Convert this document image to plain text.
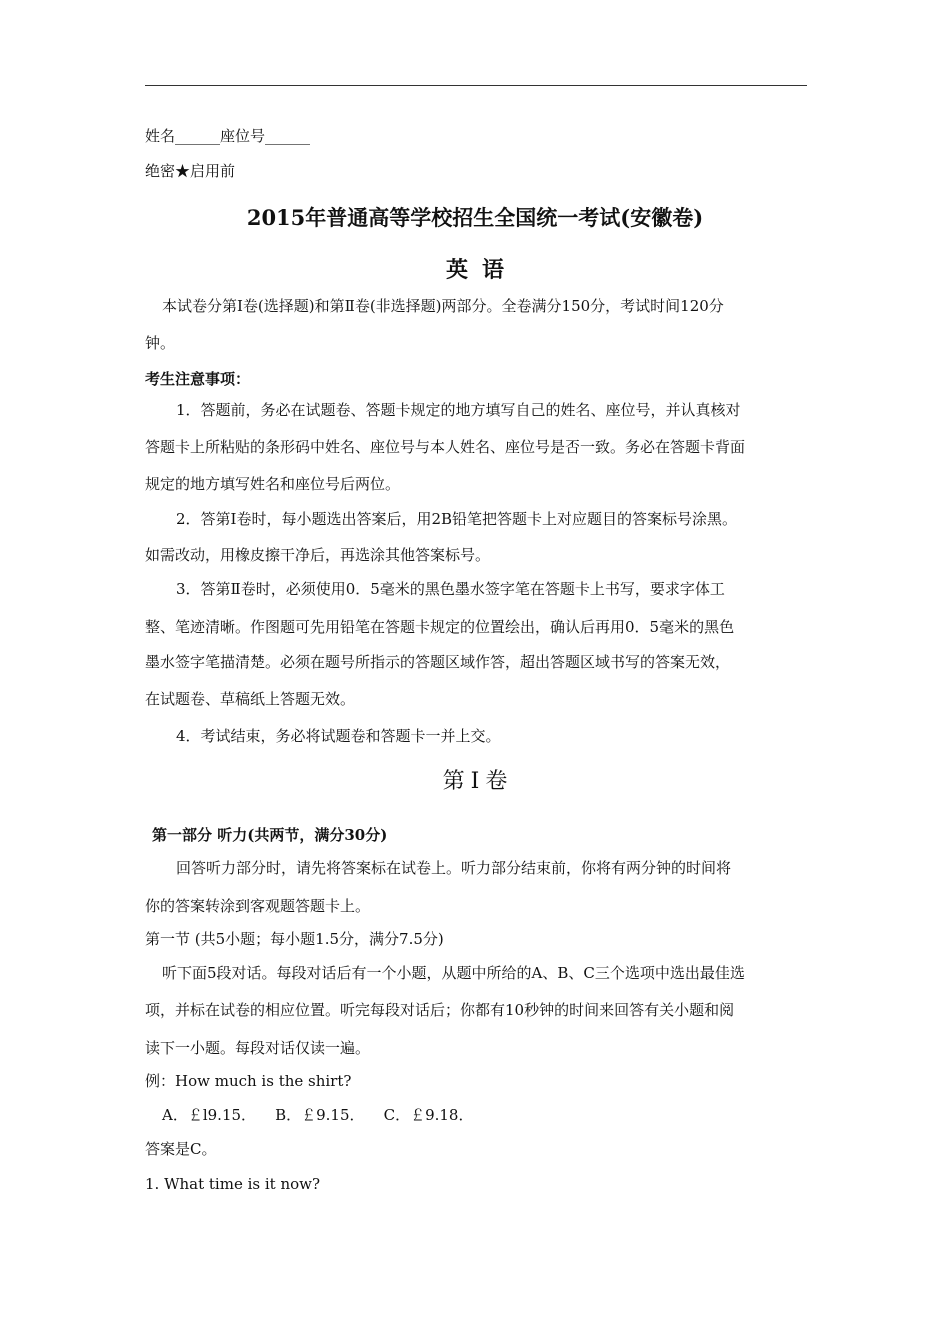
姓名______座位号______
绝密★启用前
2015年普通高等学校招生全国统一考试(安徽卷)
英语
本试卷分第Ⅰ卷(选择题)和第Ⅱ卷(非选择题)两部分。全卷满分150分，考试时间120分
钟。
考生注意事项：
1．答题前，务必在试题卷、答题卡规定的地方填写自己的姓名、座位号，并认真核对
答题卡上所粘贴的条形码中姓名、座位号与本人姓名、座位号是否一致。务必在答题卡背面
规定的地方填写姓名和座位号后两位。
2．答第Ⅰ卷时，每小题选出答案后，用2B铅笔把答题卡上对应题目的答案标号涂黑。
如需改动，用橡皮擦干净后，再选涂其他答案标号。
3．答第Ⅱ卷时，必须使用0．5毫米的黑色墨水签字笔在答题卡上书写，要求字体工
整、笔迹清晰。作图题可先用铅笔在答题卡规定的位置绘出，确认后再用0．5毫米的黑色
墨水签字笔描清楚。必须在题号所指示的答题区域作答，超出答题区域书写的答案无效，
在试题卷、草稿纸上答题无效。
4．考试结束，务必将试题卷和答题卡一并上交。
第Ⅰ卷
第一部分 听力(共两节，满分30分)
回答听力部分时，请先将答案标在试卷上。听力部分结束前，你将有两分钟的时间将
你的答案转涂到客观题答题卡上。
第一节 (共5小题；每小题1.5分，满分7.5分)
听下面5段对话。每段对话后有一个小题，从题中所给的A、B、C三个选项中选出最佳选
项，并标在试卷的相应位置。听完每段对话后；你都有10秒钟的时间来回答有关小题和阅
读下一小题。每段对话仅读一遍。
例：How much is the shirt?
A．￡l9.15．    B．￡9.15．    C．￡9.18．
答案是C。
1. What time is it now?
